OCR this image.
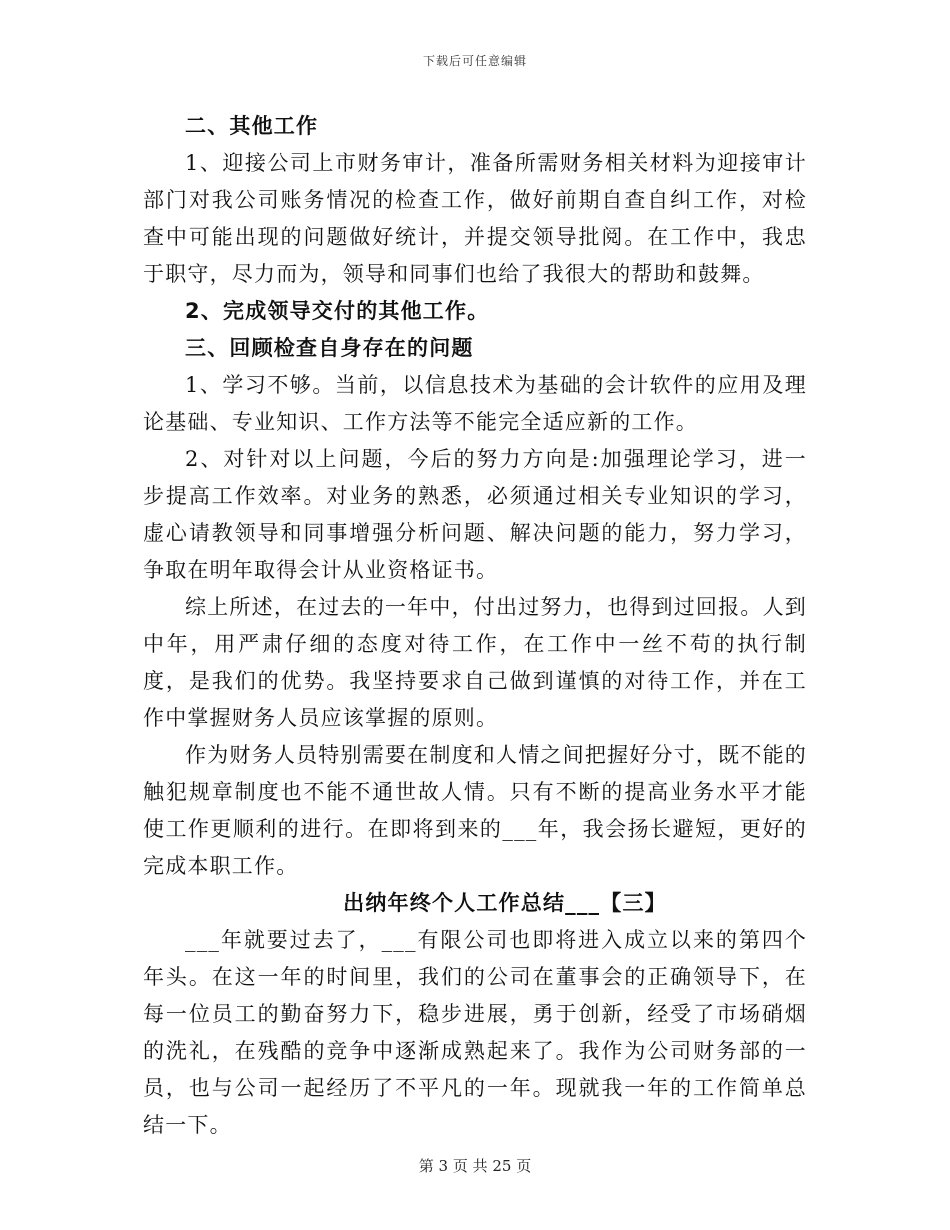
下载后可任意编辑

二、其他工作

1、迎接公司上市财务审计，准备所需财务相关材料为迎接审计部门对我公司账务情况的检查工作，做好前期自查自纠工作，对检查中可能出现的问题做好统计，并提交领导批阅。在工作中，我忠于职守，尽力而为，领导和同事们也给了我很大的帮助和鼓舞。

2、完成领导交付的其他工作。

三、回顾检查自身存在的问题

1、学习不够。当前，以信息技术为基础的会计软件的应用及理论基础、专业知识、工作方法等不能完全适应新的工作。

2、对针对以上问题，今后的努力方向是:加强理论学习，进一步提高工作效率。对业务的熟悉，必须通过相关专业知识的学习，虚心请教领导和同事增强分析问题、解决问题的能力，努力学习，争取在明年取得会计从业资格证书。

综上所述，在过去的一年中，付出过努力，也得到过回报。人到中年，用严肃仔细的态度对待工作，在工作中一丝不苟的执行制度，是我们的优势。我坚持要求自己做到谨慎的对待工作，并在工作中掌握财务人员应该掌握的原则。

作为财务人员特别需要在制度和人情之间把握好分寸，既不能的触犯规章制度也不能不通世故人情。只有不断的提高业务水平才能使工作更顺利的进行。在即将到来的___年，我会扬长避短，更好的完成本职工作。

出纳年终个人工作总结___【三】

___年就要过去了，___有限公司也即将进入成立以来的第四个年头。在这一年的时间里，我们的公司在董事会的正确领导下，在每一位员工的勤奋努力下，稳步进展，勇于创新，经受了市场硝烟的洗礼，在残酷的竞争中逐渐成熟起来了。我作为公司财务部的一员，也与公司一起经历了不平凡的一年。现就我一年的工作简单总结一下。

第 3 页 共 25 页
